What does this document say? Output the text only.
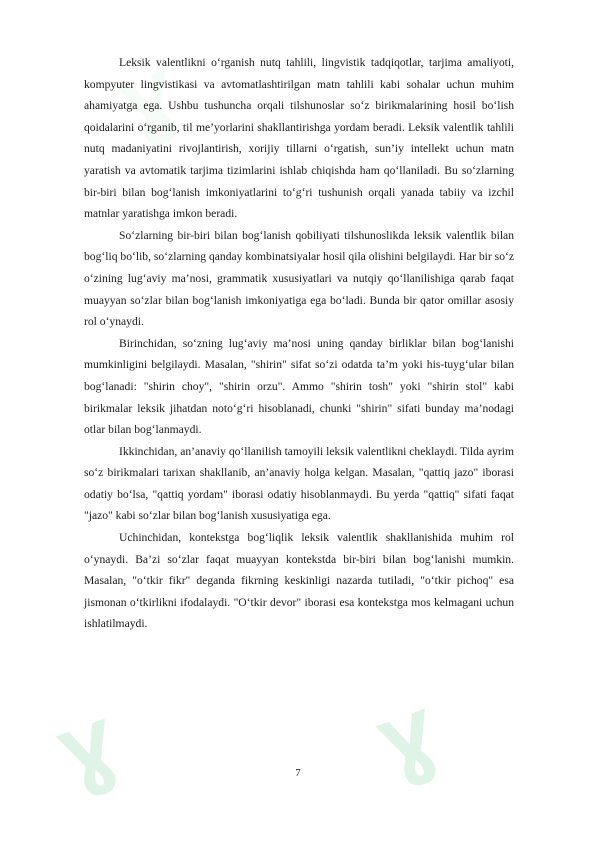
ɣ ɣ
ɣ

Leksik valentlikni o‘rganish nutq tahlili, lingvistik tadqiqotlar, tarjima amaliyoti, kompyuter lingvistikasi va avtomatlashtirilgan matn tahlili kabi sohalar uchun muhim ahamiyatga ega. Ushbu tushuncha orqali tilshunoslar so‘z birikmalarining hosil bo‘lish qoidalarini o‘rganib, til me’yorlarini shakllantirishga yordam beradi. Leksik valentlik tahlili nutq madaniyatini rivojlantirish, xorijiy tillarni o‘rgatish, sun’iy intellekt uchun matn yaratish va avtomatik tarjima tizimlarini ishlab chiqishda ham qo‘llaniladi. Bu so‘zlarning bir-biri bilan bog‘lanish imkoniyatlarini to‘g‘ri tushunish orqali yanada tabiiy va izchil matnlar yaratishga imkon beradi.

So‘zlarning bir-biri bilan bog‘lanish qobiliyati tilshunoslikda leksik valentlik bilan bog‘liq bo‘lib, so‘zlarning qanday kombinatsiyalar hosil qila olishini belgilaydi. Har bir so‘z o‘zining lug‘aviy ma’nosi, grammatik xususiyatlari va nutqiy qo‘llanilishiga qarab faqat muayyan so‘zlar bilan bog‘lanish imkoniyatiga ega bo‘ladi. Bunda bir qator omillar asosiy rol o‘ynaydi.

Birinchidan, so‘zning lug‘aviy ma’nosi uning qanday birliklar bilan bog‘lanishi mumkinligini belgilaydi. Masalan, "shirin" sifat so‘zi odatda ta’m yoki his-tuyg‘ular bilan bog‘lanadi: "shirin choy", "shirin orzu". Ammo "shirin tosh" yoki "shirin stol" kabi birikmalar leksik jihatdan noto‘g‘ri hisoblanadi, chunki "shirin" sifati bunday ma’nodagi otlar bilan bog‘lanmaydi.

Ikkinchidan, an’anaviy qo‘llanilish tamoyili leksik valentlikni cheklaydi. Tilda ayrim so‘z birikmalari tarixan shakllanib, an’anaviy holga kelgan. Masalan, "qattiq jazo" iborasi odatiy bo‘lsa, "qattiq yordam" iborasi odatiy hisoblanmaydi. Bu yerda "qattiq" sifati faqat "jazo" kabi so‘zlar bilan bog‘lanish xususiyatiga ega.

Uchinchidan, kontekstga bog‘liqlik leksik valentlik shakllanishida muhim rol o‘ynaydi. Ba’zi so‘zlar faqat muayyan kontekstda bir-biri bilan bog‘lanishi mumkin. Masalan, "o‘tkir fikr" deganda fikrning keskinligi nazarda tutiladi, "o‘tkir pichoq" esa jismonan o‘tkirlikni ifodalaydi. "O‘tkir devor" iborasi esa kontekstga mos kelmagani uchun ishlatilmaydi.

7
